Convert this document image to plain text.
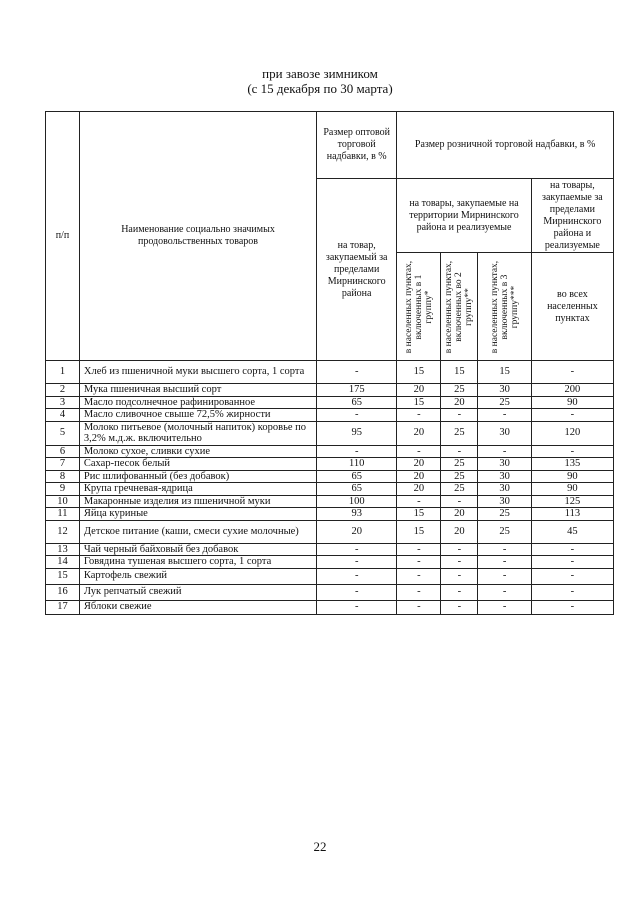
при завозе зимником
(с 15 декабря по 30 марта)
п/п	Наименование социально значимых продовольственных товаров	Размер оптовой торговой надбавки, в %	Размер розничной торговой надбавки, в %			
		на товар, закупаемый за пределами Мирнинского района	на товары, закупаемые на территории Мирнинского района и реализуемые			на товары, закупаемые за пределами Мирнинского района и реализуемые

			в населенных пунктах, включенных в 1 группу*	в населенных пунктах, включенных во 2 группу**	в населенных пунктах, включенных в 3 группу***	во всех населенных пунктах
1	Хлеб из пшеничной муки высшего сорта, 1 сорта	-	15	15	15	-
2	Мука пшеничная высший сорт	175	20	25	30	200
3	Масло подсолнечное рафинированное	65	15	20	25	90
4	Масло сливочное свыше 72,5% жирности	-	-	-	-	-
5	Молоко питьевое (молочный напиток) коровье по 3,2% м.д.ж. включительно	95	20	25	30	120
6	Молоко сухое, сливки сухие	-	-	-	-	-
7	Сахар-песок белый	110	20	25	30	135
8	Рис шлифованный (без добавок)	65	20	25	30	90
9	Крупа гречневая-ядрица	65	20	25	30	90
10	Макаронные изделия из пшеничной муки	100	-	-	30	125
11	Яйца куриные	93	15	20	25	113
12	Детское питание (каши, смеси сухие молочные)	20	15	20	25	45
13	Чай черный байховый без добавок	-	-	-	-	-
14	Говядина тушеная высшего сорта, 1 сорта	-	-	-	-	-
15	Картофель свежий	-	-	-	-	-
16	Лук репчатый свежий	-	-	-	-	-
17	Яблоки свежие	-	-	-	-	-
22
